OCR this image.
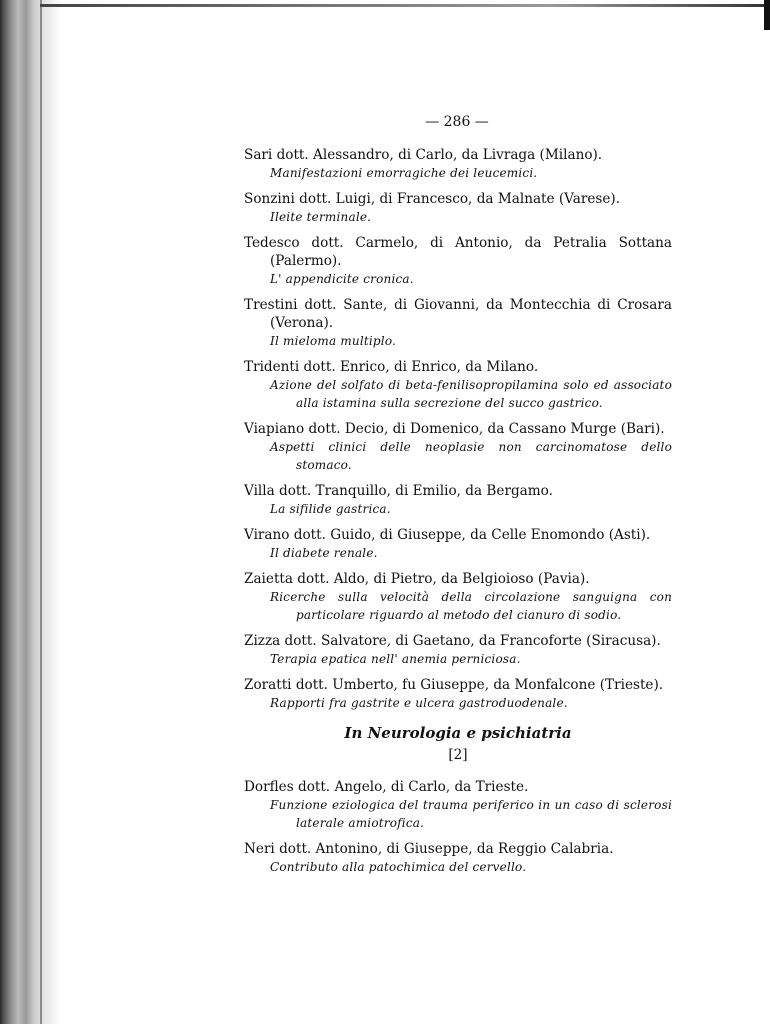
— 286 —
Sari dott. Alessandro, di Carlo, da Livraga (Milano).
Manifestazioni emorragiche dei leucemici.
Sonzini dott. Luigi, di Francesco, da Malnate (Varese).
Ileite terminale.
Tedesco dott. Carmelo, di Antonio, da Petralia Sottana (Palermo).
L' appendicite cronica.
Trestini dott. Sante, di Giovanni, da Montecchia di Crosara (Verona).
Il mieloma multiplo.
Tridenti dott. Enrico, di Enrico, da Milano.
Azione del solfato di beta-fenilisopropilamina solo ed associato alla istamina sulla secrezione del succo gastrico.
Viapiano dott. Decio, di Domenico, da Cassano Murge (Bari).
Aspetti clinici delle neoplasie non carcinomatose dello stomaco.
Villa dott. Tranquillo, di Emilio, da Bergamo.
La sifilide gastrica.
Virano dott. Guido, di Giuseppe, da Celle Enomondo (Asti).
Il diabete renale.
Zaietta dott. Aldo, di Pietro, da Belgioioso (Pavia).
Ricerche sulla velocità della circolazione sanguigna con particolare riguardo al metodo del cianuro di sodio.
Zizza dott. Salvatore, di Gaetano, da Francoforte (Siracusa).
Terapia epatica nell' anemia perniciosa.
Zoratti dott. Umberto, fu Giuseppe, da Monfalcone (Trieste).
Rapporti fra gastrite e ulcera gastroduodenale.
In Neurologia e psichiatria
[2]
Dorfles dott. Angelo, di Carlo, da Trieste.
Funzione eziologica del trauma periferico in un caso di sclerosi laterale amiotrofica.
Neri dott. Antonino, di Giuseppe, da Reggio Calabria.
Contributo alla patochimica del cervello.
